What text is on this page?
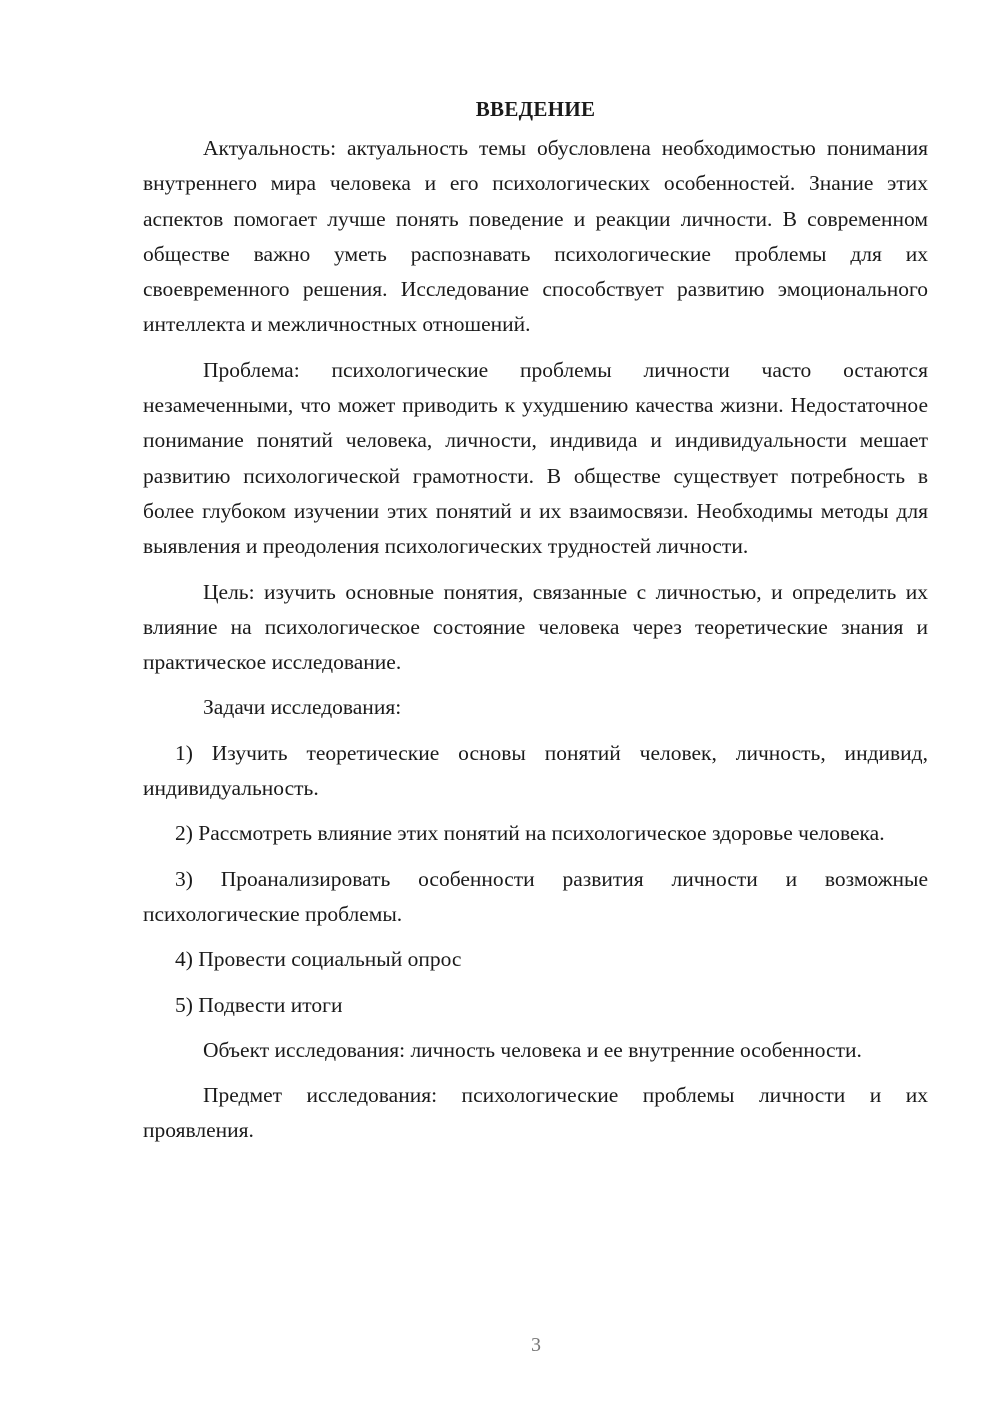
ВВЕДЕНИЕ

Актуальность: актуальность темы обусловлена необходимостью понимания внутреннего мира человека и его психологических особенностей. Знание этих аспектов помогает лучше понять поведение и реакции личности. В современном обществе важно уметь распознавать психологические проблемы для их своевременного решения. Исследование способствует развитию эмоционального интеллекта и межличностных отношений.

Проблема: психологические проблемы личности часто остаются незамеченными, что может приводить к ухудшению качества жизни. Недостаточное понимание понятий человека, личности, индивида и индивидуальности мешает развитию психологической грамотности. В обществе существует потребность в более глубоком изучении этих понятий и их взаимосвязи. Необходимы методы для выявления и преодоления психологических трудностей личности.

Цель: изучить основные понятия, связанные с личностью, и определить их влияние на психологическое состояние человека через теоретические знания и практическое исследование.

Задачи исследования:

1) Изучить теоретические основы понятий человек, личность, индивид, индивидуальность.

2) Рассмотреть влияние этих понятий на психологическое здоровье человека.

3) Проанализировать особенности развития личности и возможные психологические проблемы.

4) Провести социальный опрос

5) Подвести итоги

Объект исследования: личность человека и ее внутренние особенности.

Предмет исследования: психологические проблемы личности и их проявления.

3
